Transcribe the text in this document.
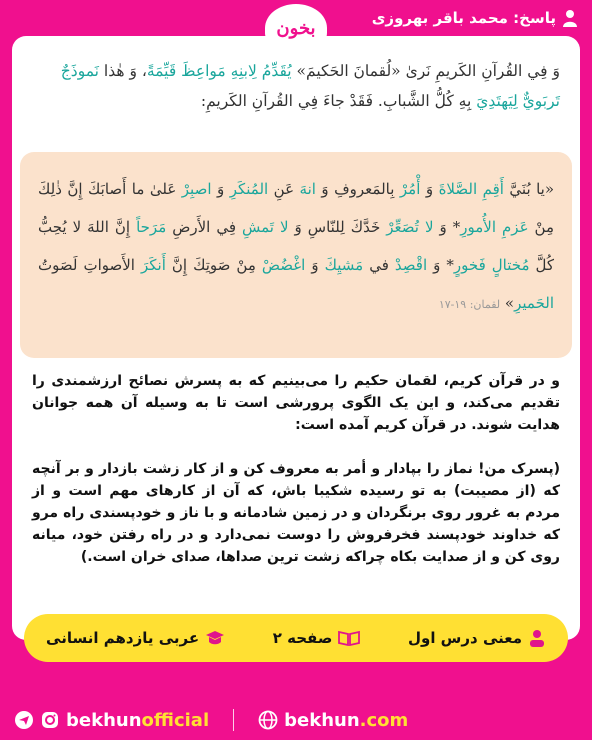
پاسخ: محمد باقر بهروزی
بخون
وَ فِي القُرآنِ الکَريمِ نَرىٰ «لُقمانَ الحَکيمَ» يُقَدِّمُ لِابنِهِ مَواعِظَ قَيِّمَةً، وَ هٰذا نَموذَجٌ تَربَويٌّ لِيَهتَدِيَ بِهِ کُلُّ الشَّبابِ. فَقَدْ جاءَ فِي القُرآنِ الکَريمِ:
«يا بُنَيَّ أَقِمِ الصَّلاةَ وَ أْمُرْ بِالمَعروفِ وَ انهَ عَنِ المُنکَرِ وَ اصبِرْ عَلىٰ ما أَصابَكَ إِنَّ ذٰلِكَ مِنْ عَزمِ الأُمورِ* وَ لا تُصَعِّرْ خَدَّكَ لِلنّاسِ وَ لا تَمشِ فِي الأَرضِ مَرَحاً إِنَّ اللهَ لا يُحِبُّ کُلَّ مُختالٍ فَخورٍ* وَ اقْصِدْ في مَشيِكَ وَ اغْضُضْ مِنْ صَوتِكَ إِنَّ أَنکَرَ الأَصواتِ لَصَوتُ الحَميرِ» لقمان: ۱۹-۱۷

و در قرآن کریم، لقمان حکیم را می‌بینیم که به پسرش نصائح ارزشمندی را تقدیم می‌کند، و این یک الگوی پرورشی است تا به وسیله آن همه جوانان هدایت شوند. در قرآن کریم آمده است:

(پسرک من! نماز را بپادار و أمر به معروف کن و از کار زشت بازدار و بر آنچه که (از مصیبت) به تو رسیده شکیبا باش، که آن از کارهای مهم است و از مردم به غرور روی برنگردان و در زمین شادمانه و با ناز و خودپسندی راه مرو که خداوند خودپسند فخرفروش را دوست نمی‌دارد و در راه رفتن خود، میانه روی کن و از صدایت بکاه چراکه زشت ترین صداها، صدای خران است.)

معنی درس اول
صفحه ۲
عربی یازدهم انسانی
bekhun official	bekhun .com
